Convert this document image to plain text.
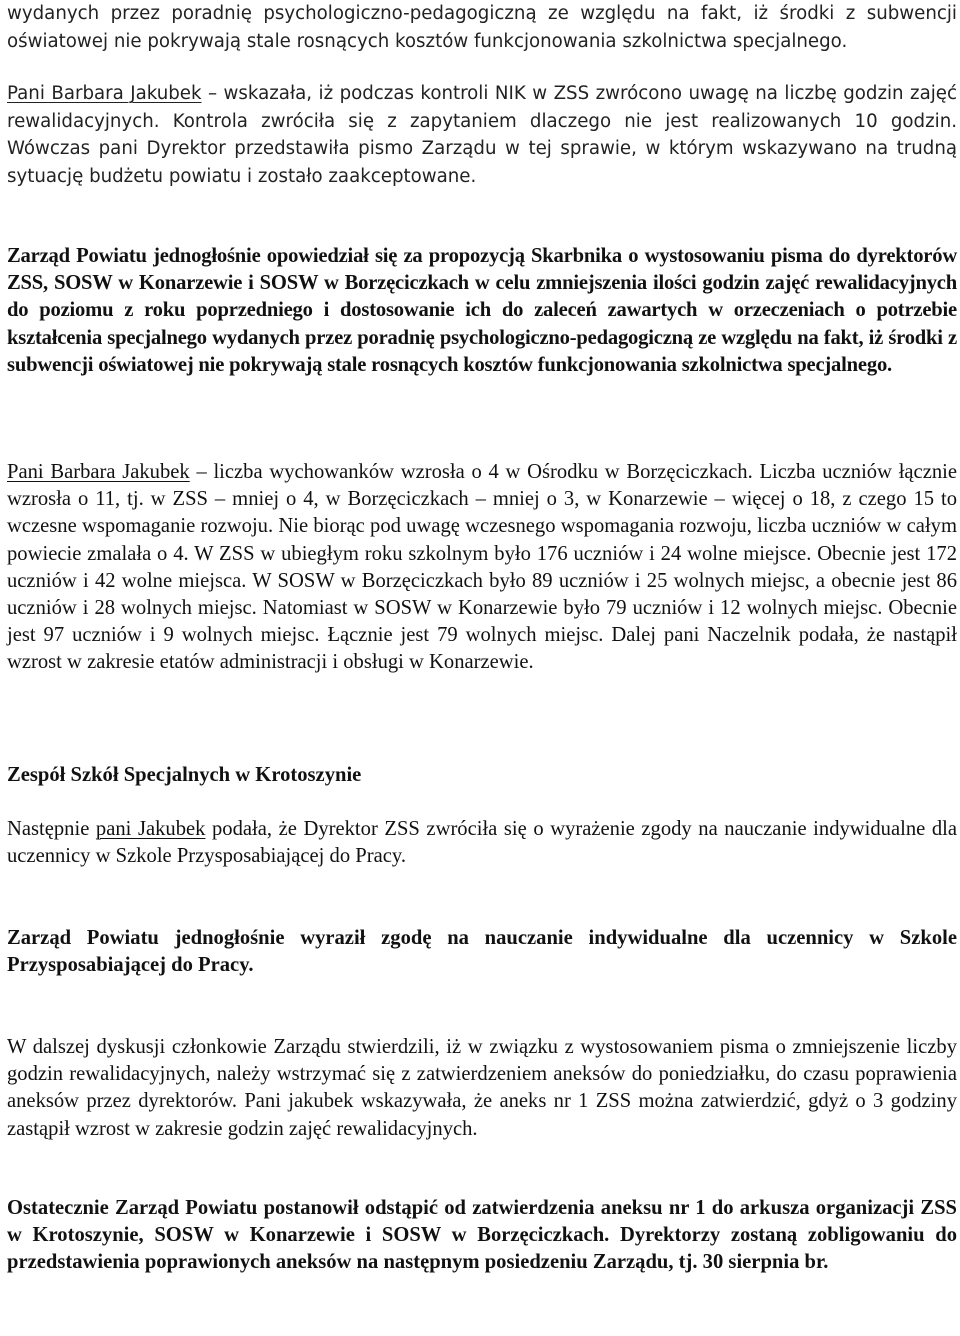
wydanych przez poradnię psychologiczno-pedagogiczną ze względu na fakt, iż środki z subwencji oświatowej nie pokrywają stale rosnących kosztów funkcjonowania szkolnictwa specjalnego.

Pani Barbara Jakubek – wskazała, iż podczas kontroli NIK w ZSS zwrócono uwagę na liczbę godzin zajęć rewalidacyjnych. Kontrola zwróciła się z zapytaniem dlaczego nie jest realizowanych 10 godzin. Wówczas pani Dyrektor przedstawiła pismo Zarządu w tej sprawie, w którym wskazywano na trudną sytuację budżetu powiatu i zostało zaakceptowane.

Zarząd Powiatu jednogłośnie opowiedział się za propozycją Skarbnika o wystosowaniu pisma do dyrektorów ZSS, SOSW w Konarzewie i SOSW w Borzęciczkach w celu zmniejszenia ilości godzin zajęć rewalidacyjnych do poziomu z roku poprzedniego i dostosowanie ich do zaleceń zawartych w orzeczeniach o potrzebie kształcenia specjalnego wydanych przez poradnię psychologiczno-pedagogiczną ze względu na fakt, iż środki z subwencji oświatowej nie pokrywają stale rosnących kosztów funkcjonowania szkolnictwa specjalnego.

Pani Barbara Jakubek – liczba wychowanków wzrosła o 4 w Ośrodku w Borzęciczkach. Liczba uczniów łącznie wzrosła o 11, tj. w ZSS – mniej o 4, w Borzęciczkach – mniej o 3, w Konarzewie – więcej o 18, z czego 15 to wczesne wspomaganie rozwoju. Nie biorąc pod uwagę wczesnego wspomagania rozwoju, liczba uczniów w całym powiecie zmalała o 4. W ZSS w ubiegłym roku szkolnym było 176 uczniów i 24 wolne miejsce. Obecnie jest 172 uczniów i 42 wolne miejsca. W SOSW w Borzęciczkach było 89 uczniów i 25 wolnych miejsc, a obecnie jest 86 uczniów i 28 wolnych miejsc. Natomiast w SOSW w Konarzewie było 79 uczniów i 12 wolnych miejsc. Obecnie jest 97 uczniów i 9 wolnych miejsc. Łącznie jest 79 wolnych miejsc. Dalej pani Naczelnik podała, że nastąpił wzrost w zakresie etatów administracji i obsługi w Konarzewie.

Zespół Szkół Specjalnych w Krotoszynie

Następnie pani Jakubek podała, że Dyrektor ZSS zwróciła się o wyrażenie zgody na nauczanie indywidualne dla uczennicy w Szkole Przysposabiającej do Pracy.

Zarząd Powiatu jednogłośnie wyraził zgodę na nauczanie indywidualne dla uczennicy w Szkole Przysposabiającej do Pracy.

W dalszej dyskusji członkowie Zarządu stwierdzili, iż w związku z wystosowaniem pisma o zmniejszenie liczby godzin rewalidacyjnych, należy wstrzymać się z zatwierdzeniem aneksów do poniedziałku, do czasu poprawienia aneksów przez dyrektorów. Pani jakubek wskazywała, że aneks nr 1 ZSS można zatwierdzić, gdyż o 3 godziny zastąpił wzrost w zakresie godzin zajęć rewalidacyjnych.

Ostatecznie Zarząd Powiatu postanowił odstąpić od zatwierdzenia aneksu nr 1 do arkusza organizacji ZSS w Krotoszynie, SOSW w Konarzewie i SOSW w Borzęciczkach. Dyrektorzy zostaną zobligowaniu do przedstawienia poprawionych aneksów na następnym posiedzeniu Zarządu, tj. 30 sierpnia br.
